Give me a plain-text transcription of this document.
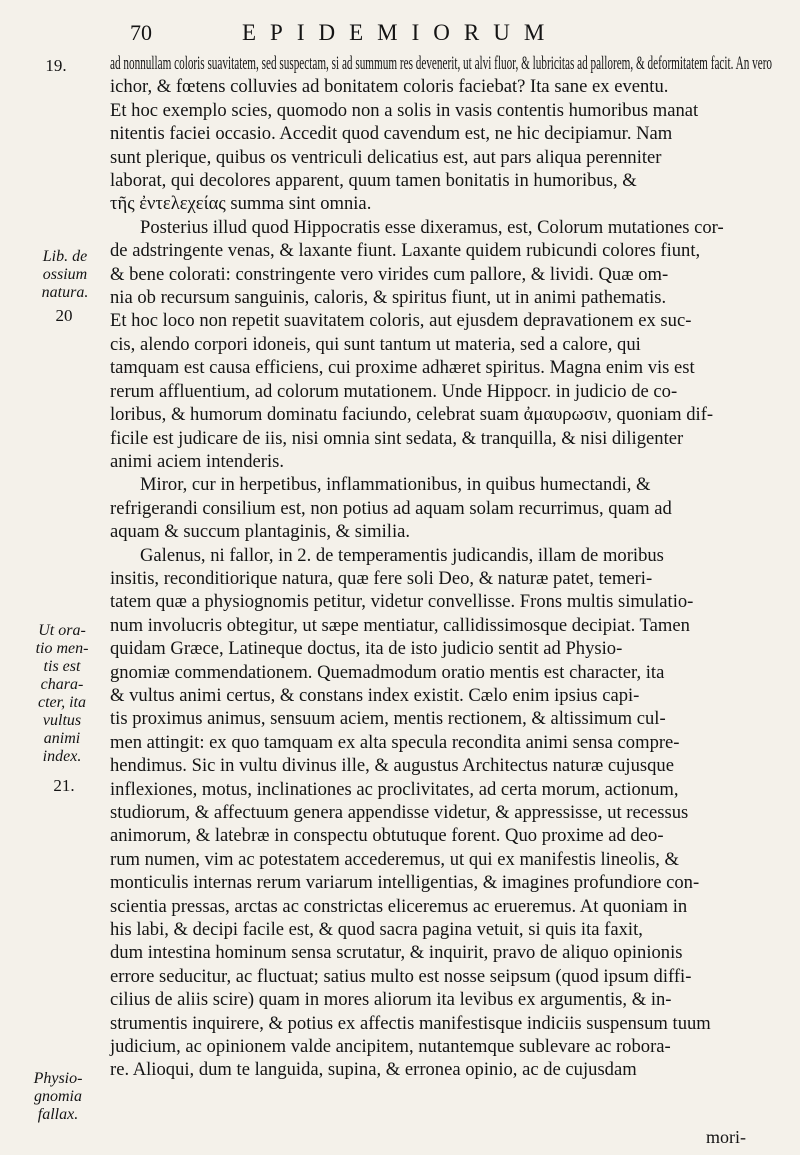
70	EPIDEMIORUM
19.
Lib. de
ossium
natura.
20
Ut ora-
tio men-
tis est
chara-
cter, ita
vultus
animi
index.
21.
Physio-
gnomia
fallax.

ad nonnullam coloris suavitatem, sed suspectam, si ad summum res devenerit, ut alvi fluor, & lubricitas ad pallorem, & deformitatem facit. An vero
ichor, & fœtens colluvies ad bonitatem coloris faciebat? Ita sane ex eventu.
Et hoc exemplo scies, quomodo non a solis in vasis contentis humoribus manat
nitentis faciei occasio. Accedit quod cavendum est, ne hic decipiamur. Nam
sunt plerique, quibus os ventriculi delicatius est, aut pars aliqua perenniter
laborat, qui decolores apparent, quum tamen bonitatis in humoribus, &
τῆς ἐντελεχείας summa sint omnia.

Posterius illud quod Hippocratis esse dixeramus, est, Colorum mutationes cor-
de adstringente venas, & laxante fiunt. Laxante quidem rubicundi colores fiunt,
& bene colorati: constringente vero virides cum pallore, & lividi. Quæ om-
nia ob recursum sanguinis, caloris, & spiritus fiunt, ut in animi pathematis.
Et hoc loco non repetit suavitatem coloris, aut ejusdem depravationem ex suc-
cis, alendo corpori idoneis, qui sunt tantum ut materia, sed a calore, qui
tamquam est causa efficiens, cui proxime adhæret spiritus. Magna enim vis est
rerum affluentium, ad colorum mutationem. Unde Hippocr. in judicio de co-
loribus, & humorum dominatu faciundo, celebrat suam ἀμαυρωσιν, quoniam dif-
ficile est judicare de iis, nisi omnia sint sedata, & tranquilla, & nisi diligenter
animi aciem intenderis.

Miror, cur in herpetibus, inflammationibus, in quibus humectandi, &
refrigerandi consilium est, non potius ad aquam solam recurrimus, quam ad
aquam & succum plantaginis, & similia.

Galenus, ni fallor, in 2. de temperamentis judicandis, illam de moribus
insitis, reconditiorique natura, quæ fere soli Deo, & naturæ patet, temeri-
tatem quæ a physiognomis petitur, videtur convellisse. Frons multis simulatio-
num involucris obtegitur, ut sæpe mentiatur, callidissimosque decipiat. Tamen
quidam Græce, Latineque doctus, ita de isto judicio sentit ad Physio-
gnomiæ commendationem. Quemadmodum oratio mentis est character, ita
& vultus animi certus, & constans index existit. Cælo enim ipsius capi-
tis proximus animus, sensuum aciem, mentis rectionem, & altissimum cul-
men attingit: ex quo tamquam ex alta specula recondita animi sensa compre-
hendimus. Sic in vultu divinus ille, & augustus Architectus naturæ cujusque
inflexiones, motus, inclinationes ac proclivitates, ad certa morum, actionum,
studiorum, & affectuum genera appendisse videtur, & appressisse, ut recessus
animorum, & latebræ in conspectu obtutuque forent. Quo proxime ad deo-
rum numen, vim ac potestatem accederemus, ut qui ex manifestis lineolis, &
monticulis internas rerum variarum intelligentias, & imagines profundiore con-
scientia pressas, arctas ac constrictas eliceremus ac erueremus. At quoniam in
his labi, & decipi facile est, & quod sacra pagina vetuit, si quis ita faxit,
dum intestina hominum sensa scrutatur, & inquirit, pravo de aliquo opinionis
errore seducitur, ac fluctuat; satius multo est nosse seipsum (quod ipsum diffi-
cilius de aliis scire) quam in mores aliorum ita levibus ex argumentis, & in-
strumentis inquirere, & potius ex affectis manifestisque indiciis suspensum tuum
judicium, ac opinionem valde ancipitem, nutantemque sublevare ac robora-
re. Alioqui, dum te languida, supina, & erronea opinio, ac de cujusdam

mori-
